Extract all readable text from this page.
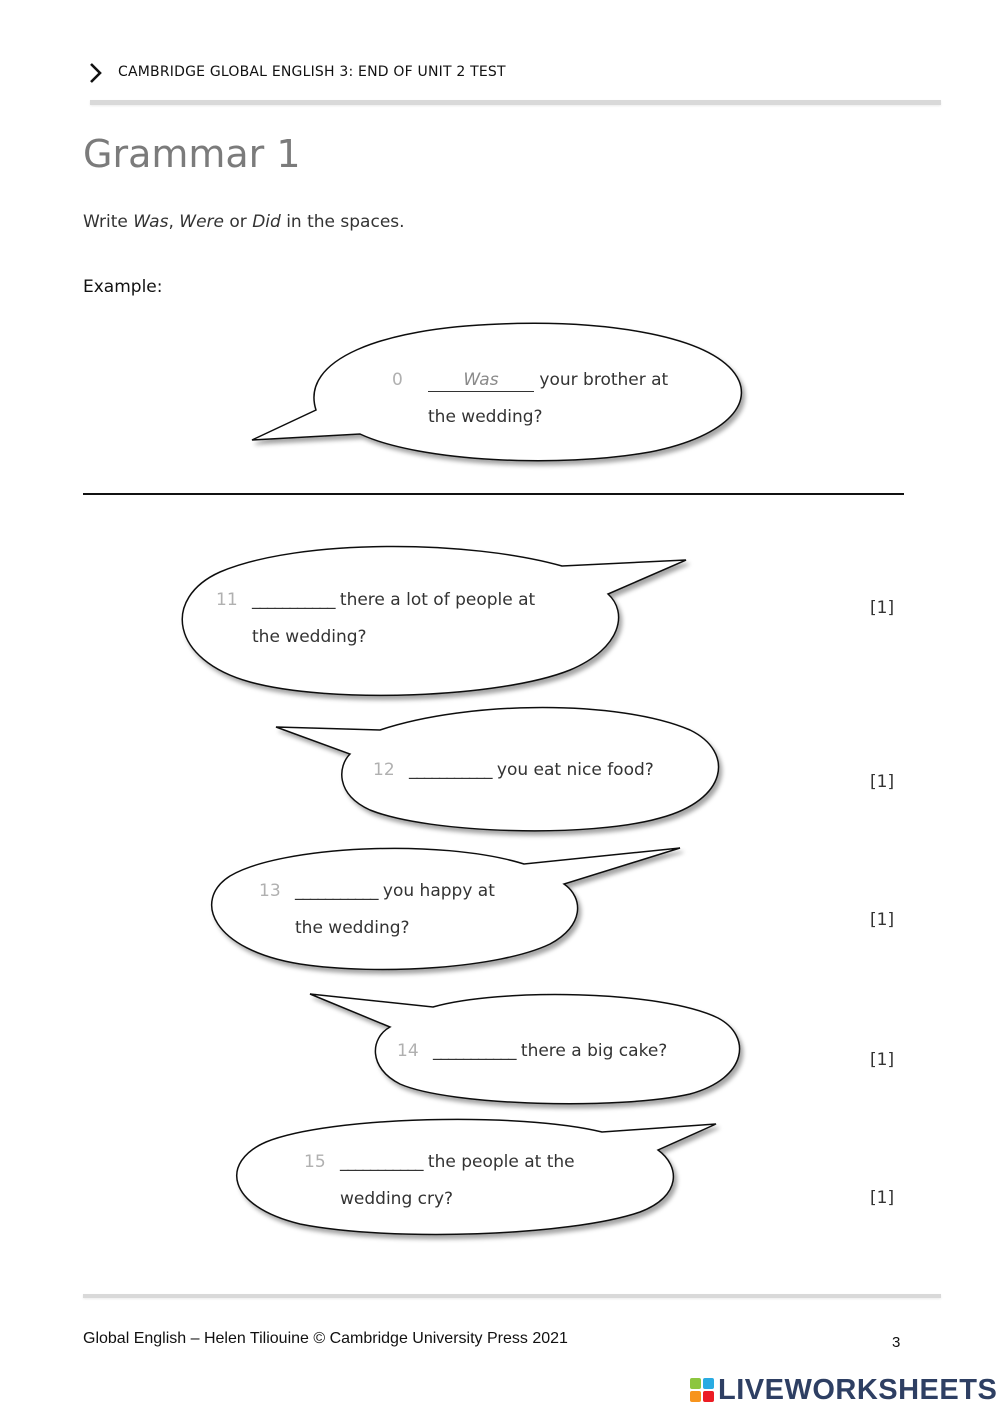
CAMBRIDGE GLOBAL ENGLISH 3: END OF UNIT 2 TEST
Grammar 1
Write Was, Were or Did in the spaces.
Example:
0	Was your brother at
the wedding?
11 ___________ there a lot of people at
the wedding?
[1]
12 ___________ you eat nice food?
[1]
13 ___________ you happy at
the wedding?	[1]
14 ___________ there a big cake?	[1]
15 ___________ the people at the
wedding cry?	[1]
Global English – Helen Tiliouine © Cambridge University Press 2021	3
LIVEWORKSHEETS
